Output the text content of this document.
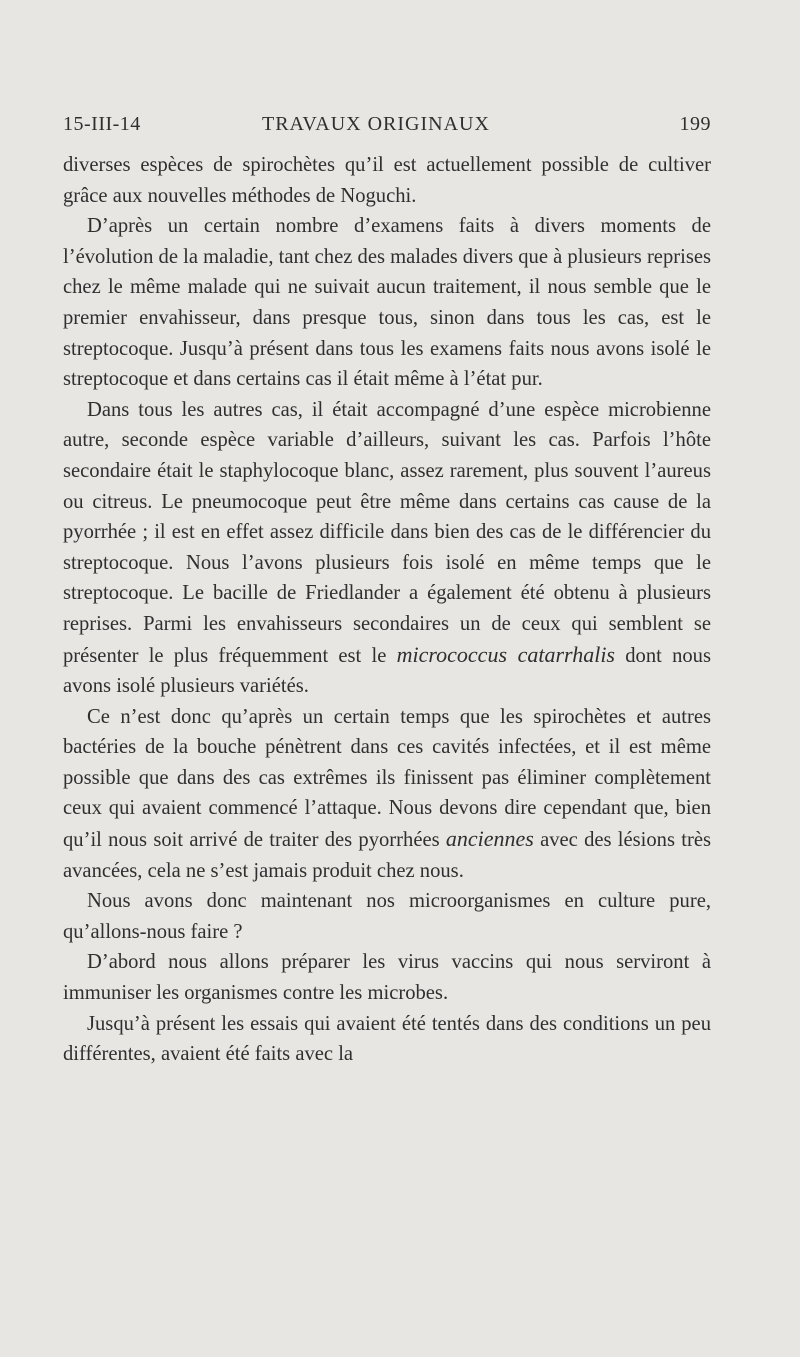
15-III-14	TRAVAUX ORIGINAUX	199

diverses espèces de spirochètes qu’il est actuellement possible de cultiver grâce aux nouvelles méthodes de Noguchi.

D’après un certain nombre d’examens faits à divers moments de l’évolution de la maladie, tant chez des malades divers que à plusieurs reprises chez le même malade qui ne suivait aucun traitement, il nous semble que le premier envahisseur, dans presque tous, sinon dans tous les cas, est le streptocoque. Jusqu’à présent dans tous les examens faits nous avons isolé le streptocoque et dans certains cas il était même à l’état pur.

Dans tous les autres cas, il était accompagné d’une espèce microbienne autre, seconde espèce variable d’ailleurs, suivant les cas. Parfois l’hôte secondaire était le staphylocoque blanc, assez rarement, plus souvent l’aureus ou citreus. Le pneumocoque peut être même dans certains cas cause de la pyorrhée ; il est en effet assez difficile dans bien des cas de le différencier du streptocoque. Nous l’avons plusieurs fois isolé en même temps que le streptocoque. Le bacille de Friedlander a également été obtenu à plusieurs reprises. Parmi les envahisseurs secondaires un de ceux qui semblent se présenter le plus fréquemment est le micrococcus catarrhalis dont nous avons isolé plusieurs variétés.

Ce n’est donc qu’après un certain temps que les spirochètes et autres bactéries de la bouche pénètrent dans ces cavités infectées, et il est même possible que dans des cas extrêmes ils finissent pas éliminer complètement ceux qui avaient commencé l’attaque. Nous devons dire cependant que, bien qu’il nous soit arrivé de traiter des pyorrhées anciennes avec des lésions très avancées, cela ne s’est jamais produit chez nous.

Nous avons donc maintenant nos microorganismes en culture pure, qu’allons-nous faire ?

D’abord nous allons préparer les virus vaccins qui nous serviront à immuniser les organismes contre les microbes.

Jusqu’à présent les essais qui avaient été tentés dans des conditions un peu différentes, avaient été faits avec la
